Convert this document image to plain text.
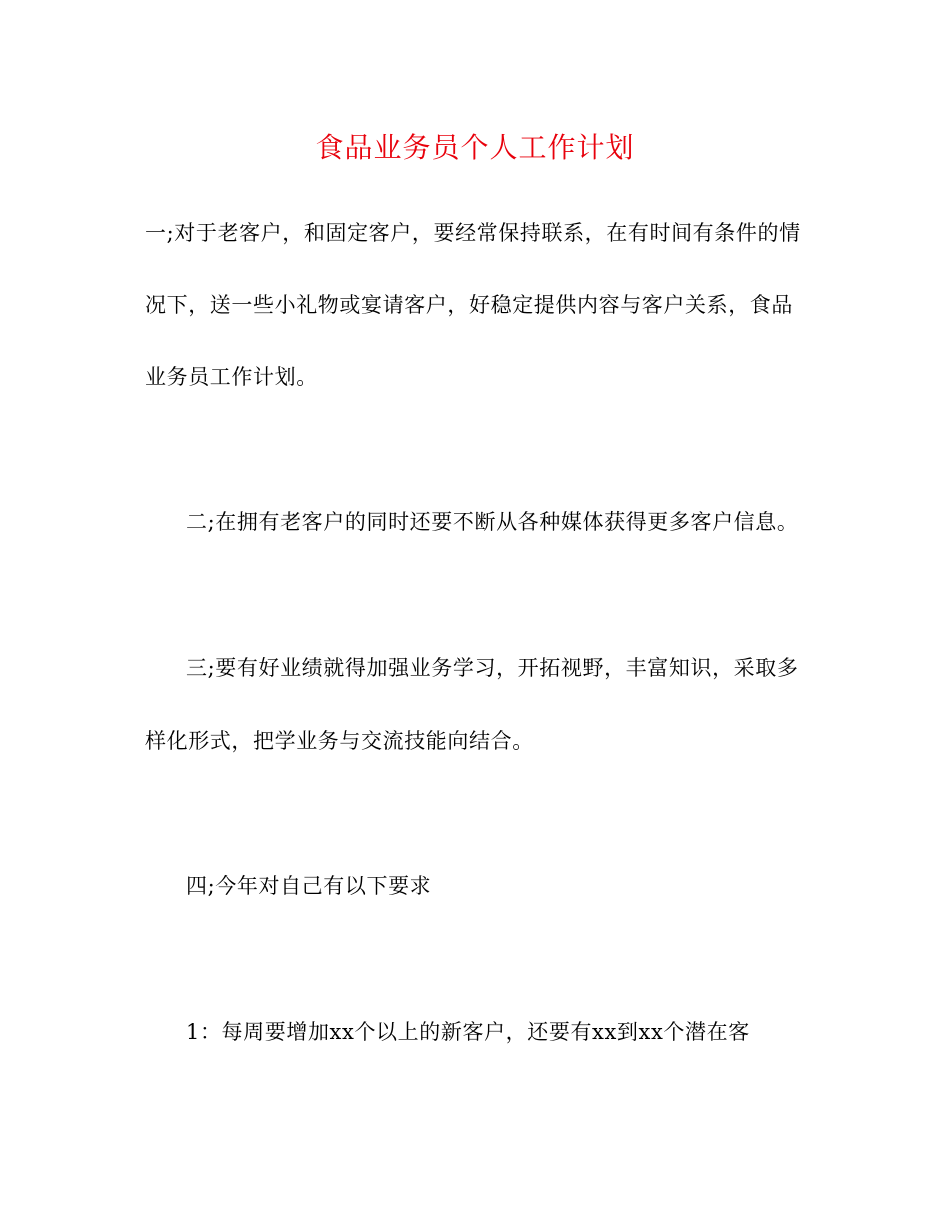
食品业务员个人工作计划
一;对于老客户，和固定客户，要经常保持联系，在有时间有条件的情
况下，送一些小礼物或宴请客户，好稳定提供内容与客户关系，食品
业务员工作计划。
二;在拥有老客户的同时还要不断从各种媒体获得更多客户信息。
三;要有好业绩就得加强业务学习，开拓视野，丰富知识，采取多
样化形式，把学业务与交流技能向结合。
四;今年对自己有以下要求
1：每周要增加xx个以上的新客户，还要有xx到xx个潜在客
